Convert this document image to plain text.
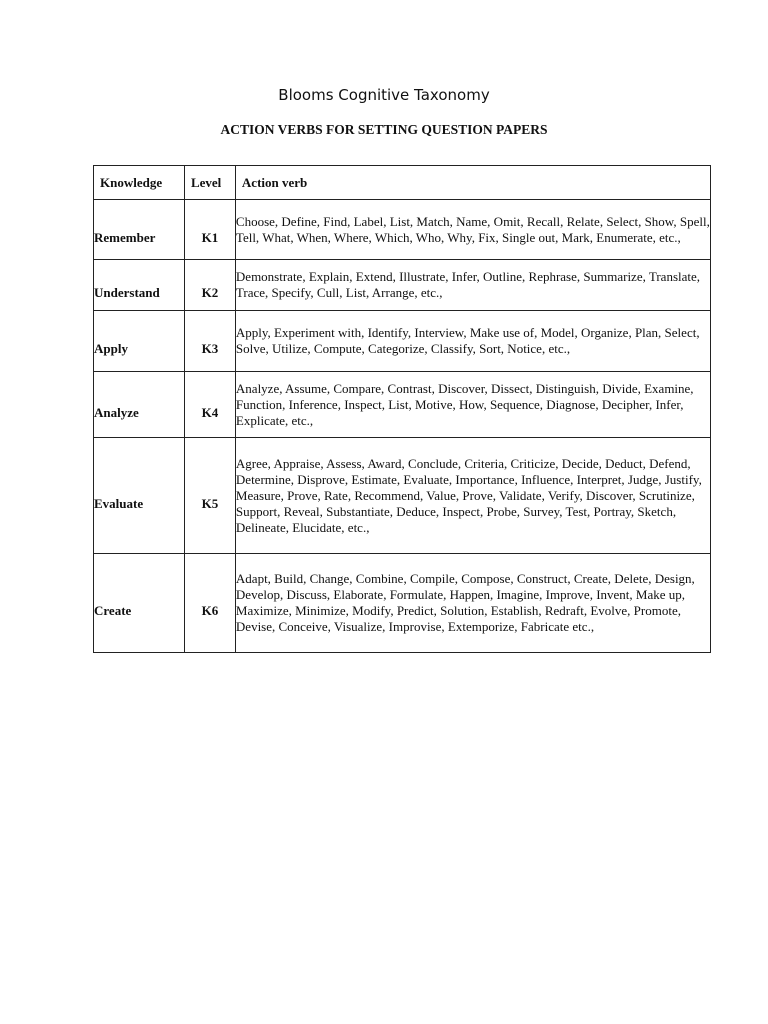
Blooms Cognitive Taxonomy
ACTION VERBS FOR SETTING QUESTION PAPERS
Knowledge	Level	Action verb
Remember	K1	Choose, Define, Find, Label, List, Match, Name, Omit, Recall, Relate, Select, Show, Spell, Tell, What, When, Where, Which, Who, Why, Fix, Single out, Mark, Enumerate, etc.,
Understand	K2	Demonstrate, Explain, Extend, Illustrate, Infer, Outline, Rephrase, Summarize, Translate, Trace, Specify, Cull, List, Arrange, etc.,
Apply	K3	Apply, Experiment with, Identify, Interview, Make use of, Model, Organize, Plan, Select, Solve, Utilize, Compute, Categorize, Classify, Sort, Notice, etc.,
Analyze	K4	Analyze, Assume, Compare, Contrast, Discover, Dissect, Distinguish, Divide, Examine, Function, Inference, Inspect, List, Motive, How, Sequence, Diagnose, Decipher, Infer, Explicate, etc.,
Evaluate	K5	Agree, Appraise, Assess, Award, Conclude, Criteria, Criticize, Decide, Deduct, Defend, Determine, Disprove, Estimate, Evaluate, Importance, Influence, Interpret, Judge, Justify, Measure, Prove, Rate, Recommend, Value, Prove, Validate, Verify, Discover, Scrutinize, Support, Reveal, Substantiate, Deduce, Inspect, Probe, Survey, Test, Portray, Sketch, Delineate, Elucidate, etc.,
Create	K6	Adapt, Build, Change, Combine, Compile, Compose, Construct, Create, Delete, Design, Develop, Discuss, Elaborate, Formulate, Happen, Imagine, Improve, Invent, Make up, Maximize, Minimize, Modify, Predict, Solution, Establish, Redraft, Evolve, Promote, Devise, Conceive, Visualize, Improvise, Extemporize, Fabricate etc.,
